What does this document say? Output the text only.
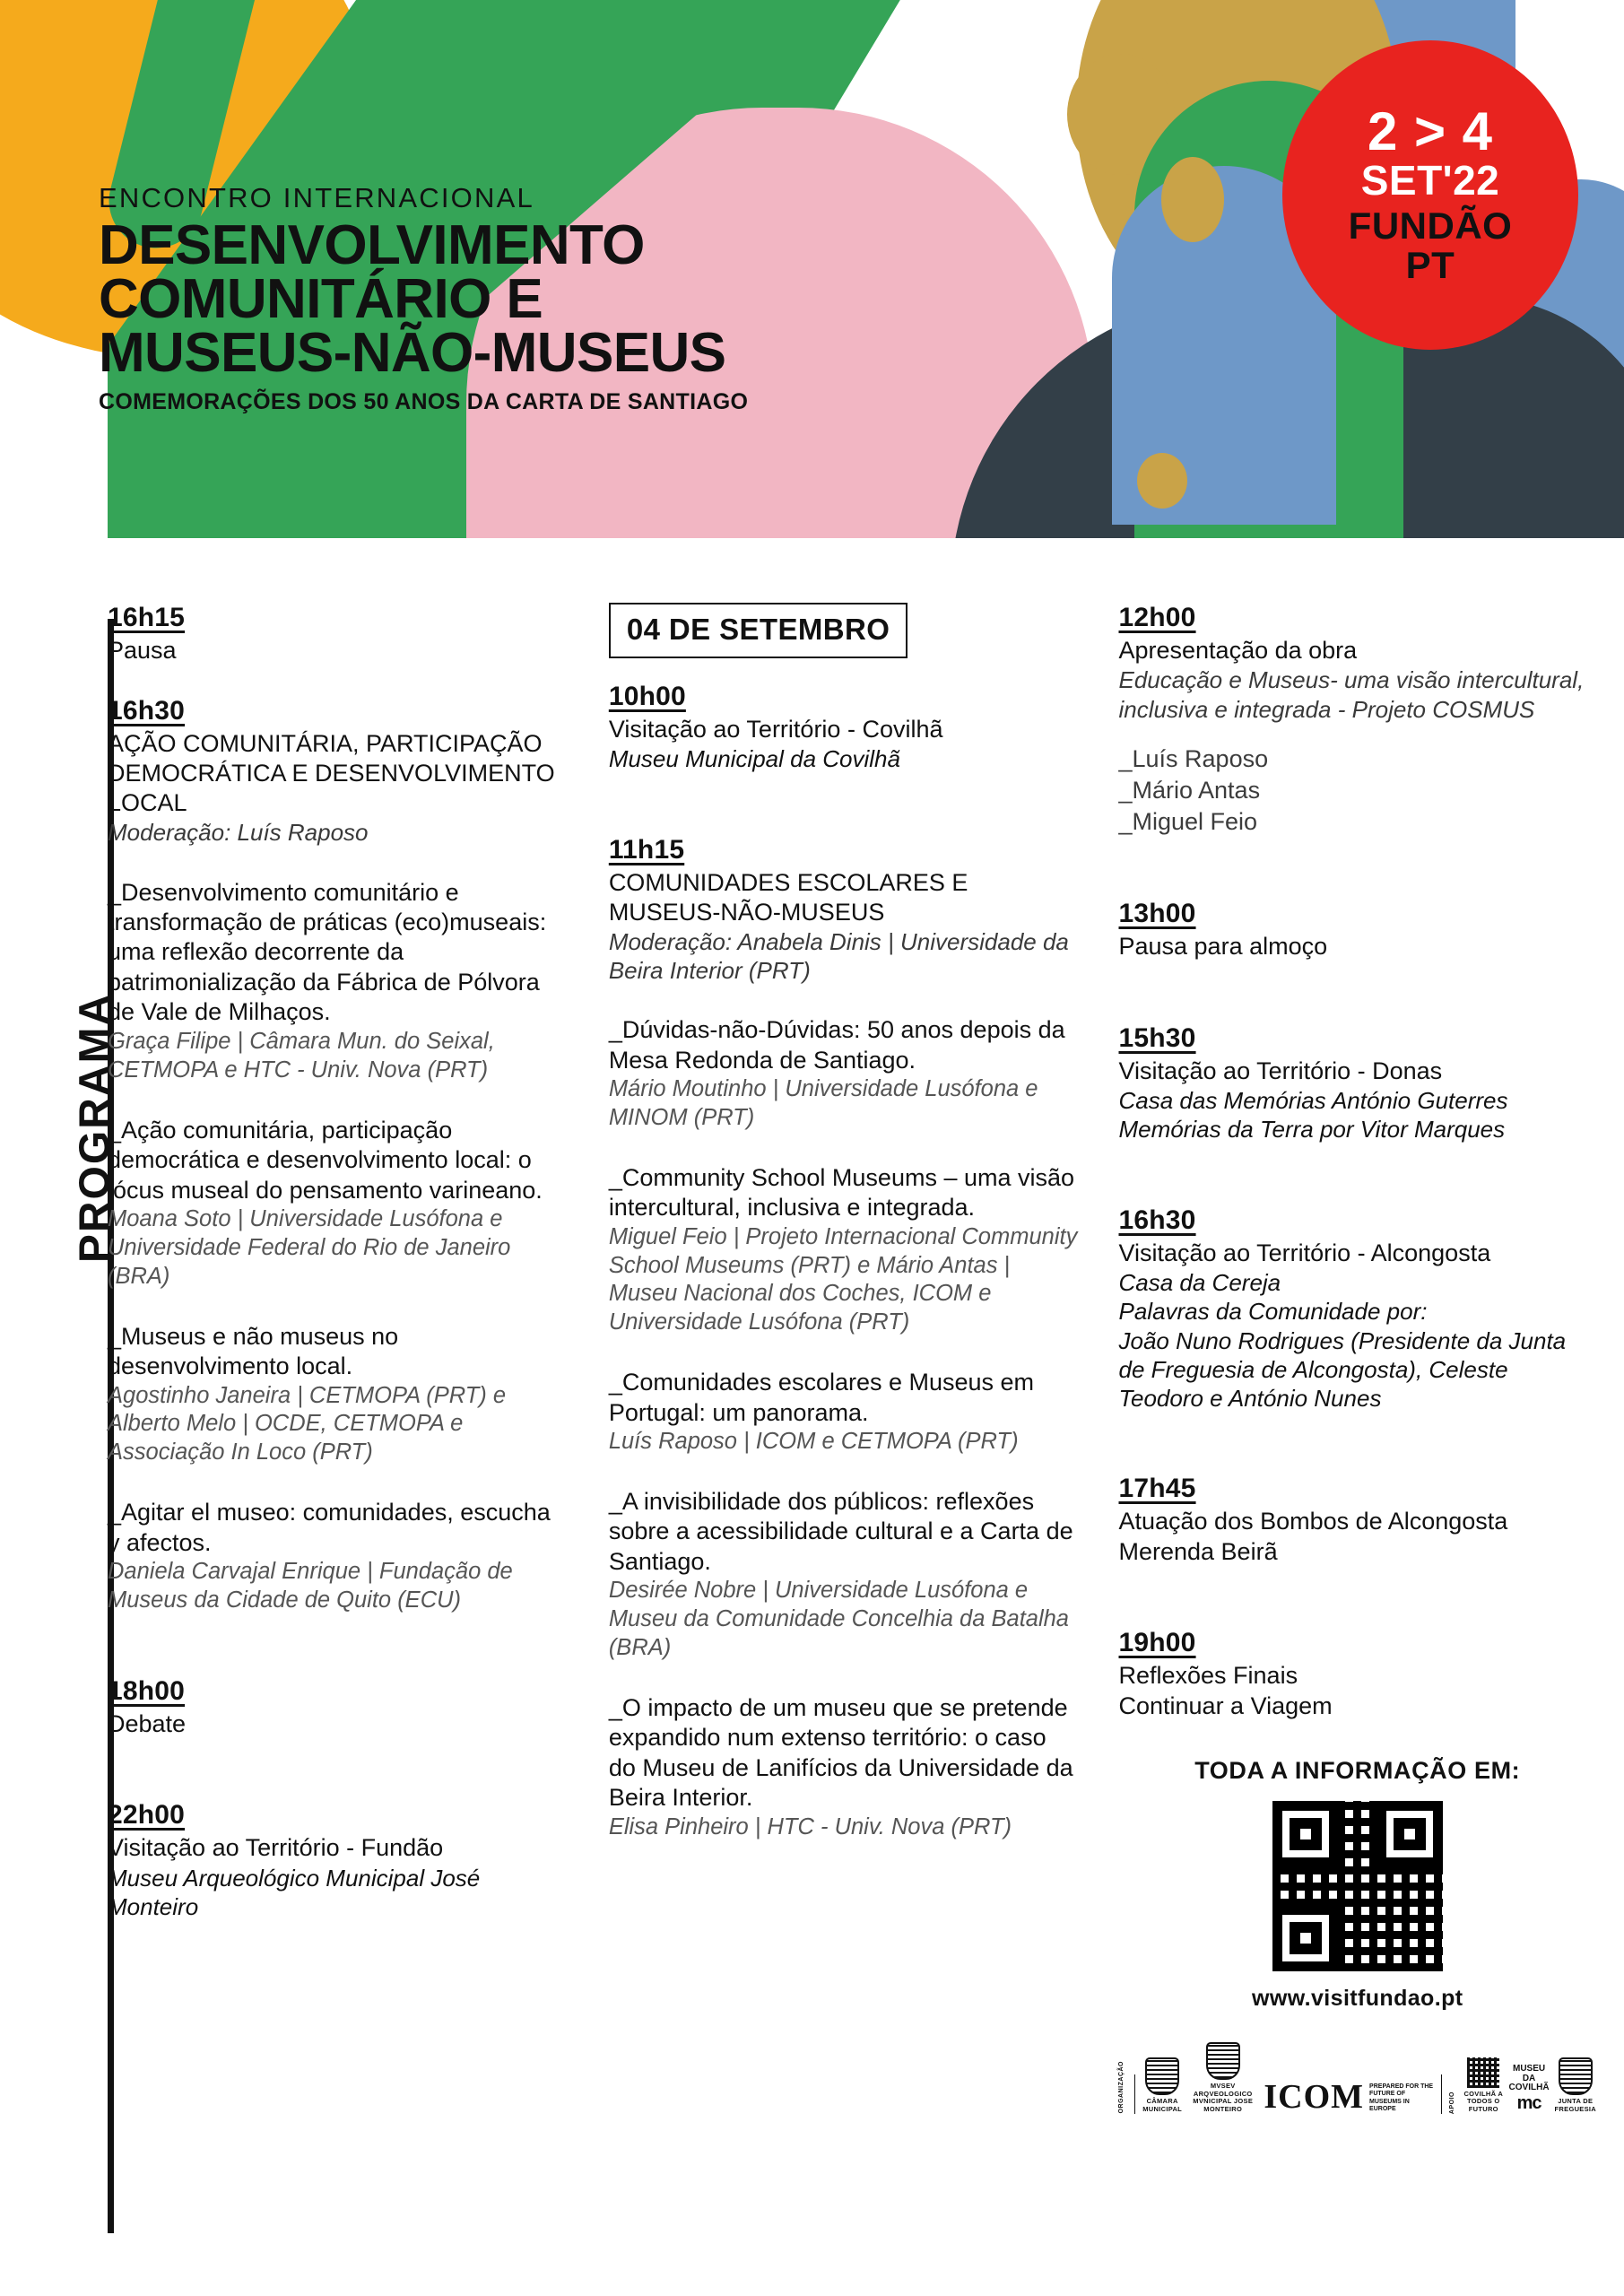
ENCONTRO INTERNACIONAL
DESENVOLVIMENTO
COMUNITÁRIO E
MUSEUS-NÃO-MUSEUS
COMEMORAÇÕES DOS 50 ANOS DA CARTA DE SANTIAGO
2 > 4
SET'22
FUNDÃO
PT
PROGRAMA
16h15
Pausa
16h30
AÇÃO COMUNITÁRIA, PARTICIPAÇÃO DEMOCRÁTICA E DESENVOLVIMENTO LOCAL
Moderação: Luís Raposo
_Desenvolvimento comunitário e transformação de práticas (eco)museais: uma reflexão decorrente da patrimonialização da Fábrica de Pólvora de Vale de Milhaços.
Graça Filipe | Câmara Mun. do Seixal, CETMOPA e HTC - Univ. Nova (PRT)
_Ação comunitária, participação democrática e desenvolvimento local: o lócus museal do pensamento varineano.
Moana Soto | Universidade Lusófona e Universidade Federal do Rio de Janeiro (BRA)
_Museus e não museus no desenvolvimento local.
Agostinho Janeira | CETMOPA (PRT) e Alberto Melo | OCDE, CETMOPA e Associação In Loco (PRT)
_Agitar el museo: comunidades, escucha y afectos.
Daniela Carvajal Enrique | Fundação de Museus da Cidade de Quito (ECU)
18h00
Debate
22h00
Visitação ao Território - Fundão
Museu Arqueológico Municipal José Monteiro
04 DE SETEMBRO
10h00
Visitação ao Território - Covilhã
Museu Municipal da Covilhã
11h15
COMUNIDADES ESCOLARES E MUSEUS-NÃO-MUSEUS
Moderação: Anabela Dinis | Universidade da Beira Interior (PRT)
_Dúvidas-não-Dúvidas: 50 anos depois da Mesa Redonda de Santiago.
Mário Moutinho | Universidade Lusófona e MINOM (PRT)
_Community School Museums – uma visão intercultural, inclusiva e integrada.
Miguel Feio | Projeto Internacional Community School Museums (PRT) e Mário Antas | Museu Nacional dos Coches, ICOM e Universidade Lusófona (PRT)
_Comunidades escolares e Museus em Portugal: um panorama.
Luís Raposo | ICOM e CETMOPA (PRT)
_A invisibilidade dos públicos: reflexões sobre a acessibilidade cultural e a Carta de Santiago.
Desirée Nobre | Universidade Lusófona e Museu da Comunidade Concelhia da Batalha (BRA)
_O impacto de um museu que se pretende expandido num extenso território: o caso do Museu de Lanifícios da Universidade da Beira Interior.
Elisa Pinheiro | HTC - Univ. Nova (PRT)
12h00
Apresentação da obra
Educação e Museus- uma visão intercultural, inclusiva e integrada - Projeto COSMUS
_Luís Raposo
_Mário Antas
_Miguel Feio
13h00
Pausa para almoço
15h30
Visitação ao Território - Donas
Casa das Memórias António Guterres
Memórias da Terra por Vitor Marques
16h30
Visitação ao Território - Alcongosta
Casa da Cereja
Palavras da Comunidade por:
João Nuno Rodrigues (Presidente da Junta de Freguesia de Alcongosta), Celeste Teodoro e António Nunes
17h45
Atuação dos Bombos de Alcongosta
Merenda Beirã
19h00
Reflexões Finais
Continuar a Viagem
TODA A INFORMAÇÃO EM:
www.visitfundao.pt
ORGANIZAÇÃO	CÂMARA MUNICIPAL
MVSEV ARQVEOLOGICO MVNICIPAL JOSE MONTEIRO ICOM PREPARED FOR THE FUTURE OF MUSEUMS IN EUROPE	APOIO COVILHÃ A TODOS O FUTURO
MUSEU DA COVILHÃ
mc	JUNTA DE FREGUESIA
